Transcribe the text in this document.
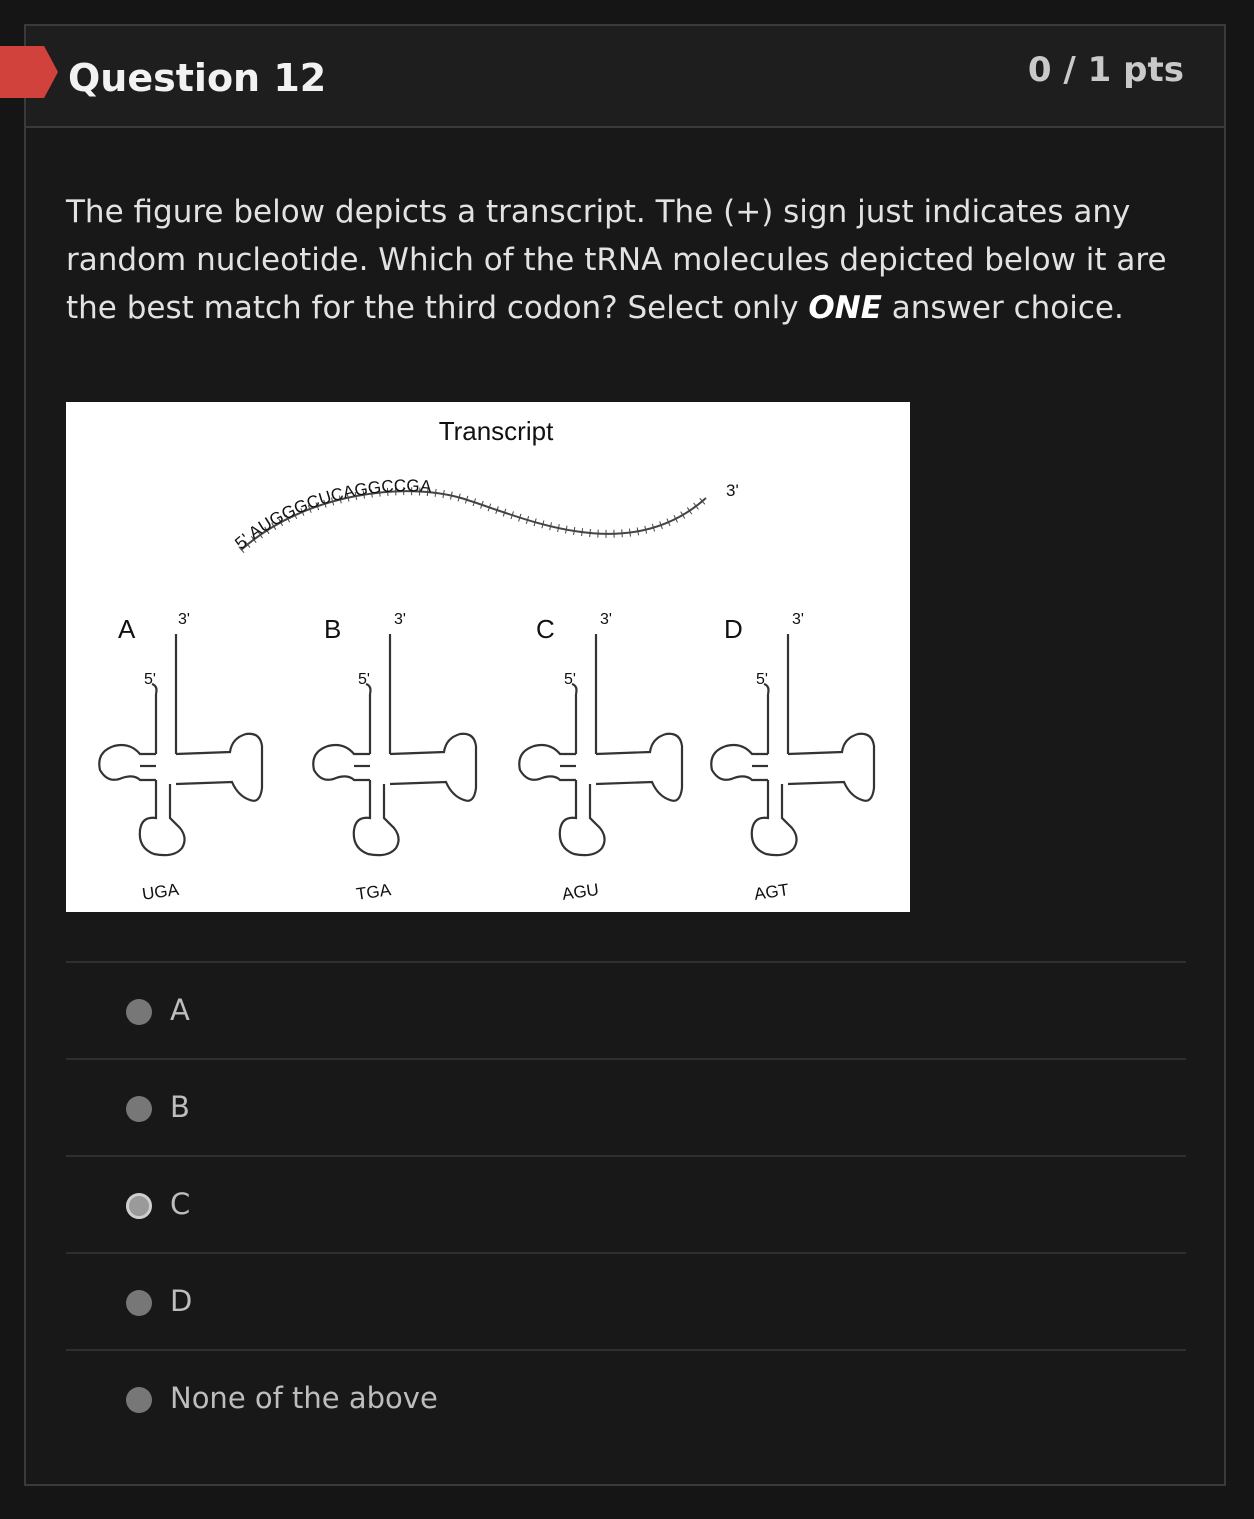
Question 12	0 / 1 pts
The figure below depicts a transcript. The (+) sign just indicates any random nucleotide. Which of the tRNA molecules depicted below it are the best match for the third codon? Select only ONE answer choice.
Transcript
5' AUGGGCUCAGGCCGA	3'
A	3'
5'
UGA
B	3'
5'
TGA
C	3'
5'
AGU
D	3'
5'
AGT
A
B
C
D
None of the above
